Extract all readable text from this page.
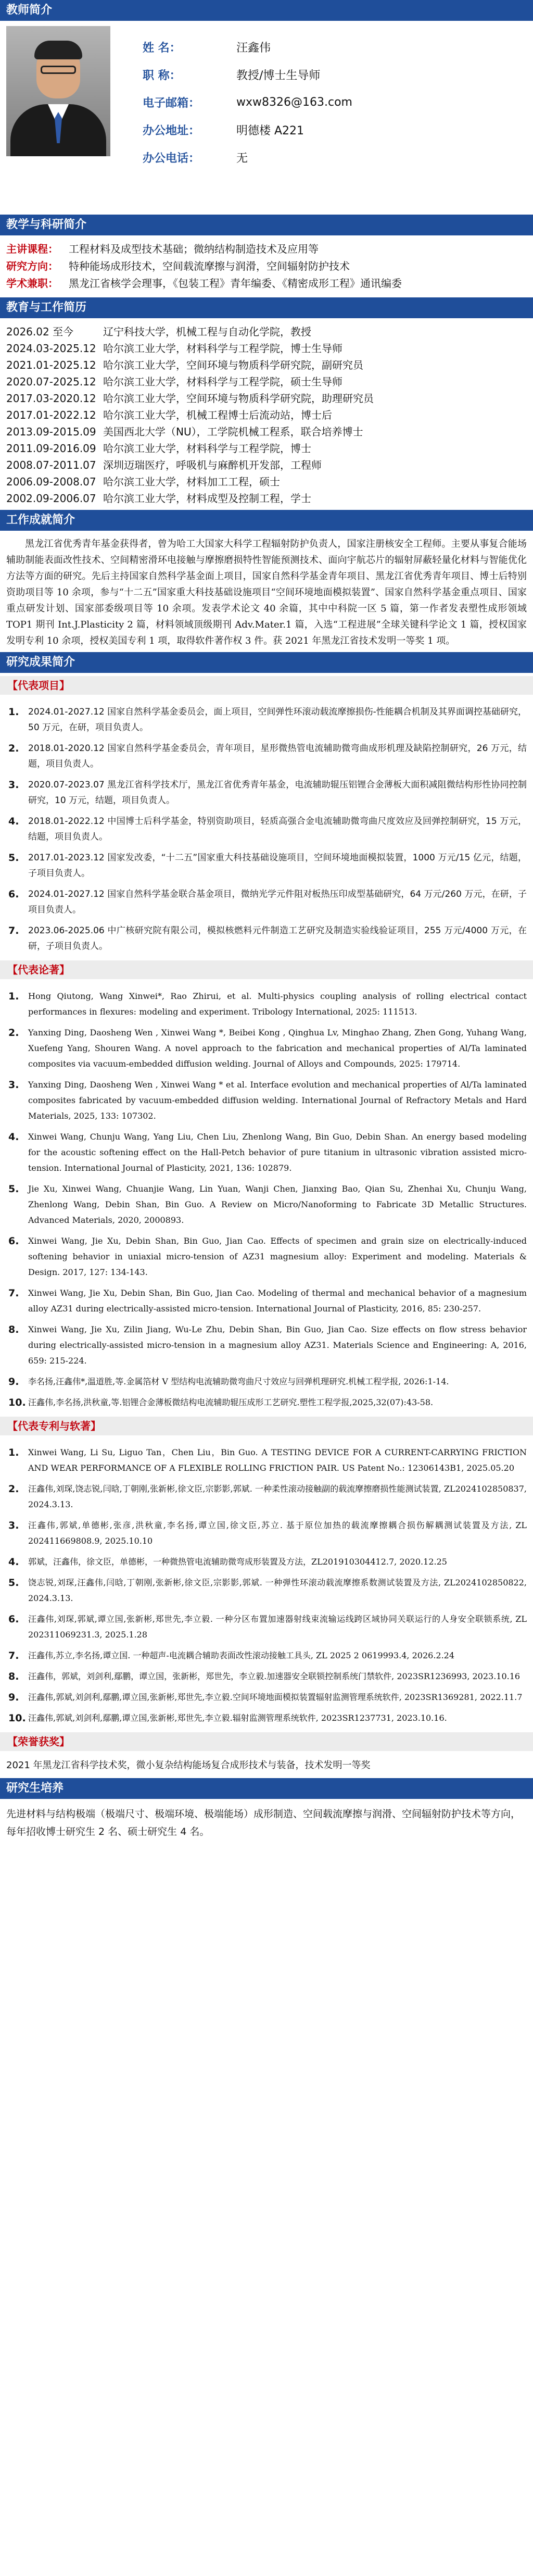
教师简介
姓 名：	汪鑫伟
职 称：	教授/博士生导师
电子邮箱：	wxw8326@163.com
办公地址：	明德楼 A221
办公电话：	无
教学与科研简介
主讲课程：	工程材料及成型技术基础；微纳结构制造技术及应用等
研究方向：	特种能场成形技术，空间载流摩擦与润滑，空间辐射防护技术
学术兼职：	黑龙江省核学会理事，《包装工程》青年编委、《精密成形工程》通讯编委
教育与工作简历
2026.02 至今	辽宁科技大学，机械工程与自动化学院，教授
2024.03-2025.12 哈尔滨工业大学，材料科学与工程学院，博士生导师
2021.01-2025.12 哈尔滨工业大学，空间环境与物质科学研究院，副研究员
2020.07-2025.12 哈尔滨工业大学，材料科学与工程学院，硕士生导师
2017.03-2020.12 哈尔滨工业大学，空间环境与物质科学研究院，助理研究员
2017.01-2022.12 哈尔滨工业大学，机械工程博士后流动站，博士后
2013.09-2015.09 美国西北大学（NU），工学院机械工程系，联合培养博士
2011.09-2016.09 哈尔滨工业大学，材料科学与工程学院，博士
2008.07-2011.07 深圳迈瑞医疗，呼吸机与麻醉机开发部，工程师
2006.09-2008.07 哈尔滨工业大学，材料加工工程，硕士
2002.09-2006.07 哈尔滨工业大学，材料成型及控制工程，学士
工作成就简介

黑龙江省优秀青年基金获得者，曾为哈工大国家大科学工程辐射防护负责人，国家注册核安全工程师。主要从事复合能场辅助制能表面改性技术、空间精密滑环电接触与摩擦磨损特性智能预测技术、面向宇航芯片的辐射屏蔽轻量化材料与智能优化方法等方面的研究。先后主持国家自然科学基金面上项目，国家自然科学基金青年项目、黑龙江省优秀青年项目、博士后特别资助项目等 10 余项，参与“十二五”国家重大科技基础设施项目“空间环境地面模拟装置”、国家自然科学基金重点项目、国家重点研发计划、国家部委级项目等 10 余项。发表学术论文 40 余篇，其中中科院一区 5 篇，第一作者发表塑性成形领域 TOP1 期刊 Int.J.Plasticity 2 篇，材料领域顶级期刊 Adv.Mater.1 篇，入选“工程进展”全球关键科学论文 1 篇，授权国家发明专利 10 余项，授权美国专利 1 项，取得软件著作权 3 件。获 2021 年黑龙江省技术发明一等奖 1 项。

研究成果简介
【代表项目】
1.	2024.01-2027.12 国家自然科学基金委员会，面上项目，空间弹性环滚动载流摩擦损伤-性能耦合机制及其界面调控基础研究，50 万元，在研，项目负责人。
2.	2018.01-2020.12 国家自然科学基金委员会，青年项目，星形微热管电流辅助微弯曲成形机理及缺陷控制研究，26 万元，结题，项目负责人。
3.	2020.07-2023.07 黑龙江省科学技术厅，黑龙江省优秀青年基金，电流辅助辊压铝锂合金薄板大面积减阻微结构形性协同控制研究，10 万元，结题，项目负责人。
4.	2018.01-2022.12 中国博士后科学基金，特别资助项目，轻质高强合金电流辅助微弯曲尺度效应及回弹控制研究，15 万元，结题，项目负责人。
5.	2017.01-2023.12 国家发改委，“十二五”国家重大科技基础设施项目，空间环境地面模拟装置，1000 万元/15 亿元，结题，子项目负责人。
6.	2024.01-2027.12 国家自然科学基金联合基金项目，微纳光学元件阻对板热压印成型基础研究，64 万元/260 万元，在研，子项目负责人。
7.	2023.06-2025.06 中广核研究院有限公司，模拟核燃料元件制造工艺研究及制造实验线验证项目，255 万元/4000 万元，在研，子项目负责人。
【代表论著】
1.	Hong Qiutong, Wang Xinwei*, Rao Zhirui, et al. Multi-physics coupling analysis of rolling electrical contact performances in flexures: modeling and experiment. Tribology International, 2025: 111513.
2.	Yanxing Ding, Daosheng Wen , Xinwei Wang *, Beibei Kong , Qinghua Lv, Minghao Zhang, Zhen Gong, Yuhang Wang, Xuefeng Yang, Shouren Wang. A novel approach to the fabrication and mechanical properties of Al/Ta laminated composites via vacuum-embedded diffusion welding. Journal of Alloys and Compounds, 2025: 179714.
3.	Yanxing Ding, Daosheng Wen , Xinwei Wang * et al. Interface evolution and mechanical properties of Al/Ta laminated composites fabricated by vacuum-embedded diffusion welding. International Journal of Refractory Metals and Hard Materials, 2025, 133: 107302.
4.	Xinwei Wang, Chunju Wang, Yang Liu, Chen Liu, Zhenlong Wang, Bin Guo, Debin Shan. An energy based modeling for the acoustic softening effect on the Hall-Petch behavior of pure titanium in ultrasonic vibration assisted micro-tension. International Journal of Plasticity, 2021, 136: 102879.
5.	Jie Xu, Xinwei Wang, Chuanjie Wang, Lin Yuan, Wanji Chen, Jianxing Bao, Qian Su, Zhenhai Xu, Chunju Wang, Zhenlong Wang, Debin Shan, Bin Guo. A Review on Micro/Nanoforming to Fabricate 3D Metallic Structures. Advanced Materials, 2020, 2000893.
6.	Xinwei Wang, Jie Xu, Debin Shan, Bin Guo, Jian Cao. Effects of specimen and grain size on electrically-induced softening behavior in uniaxial micro-tension of AZ31 magnesium alloy: Experiment and modeling. Materials & Design. 2017, 127: 134-143.
7.	Xinwei Wang, Jie Xu, Debin Shan, Bin Guo, Jian Cao. Modeling of thermal and mechanical behavior of a magnesium alloy AZ31 during electrically-assisted micro-tension. International Journal of Plasticity, 2016, 85: 230-257.
8.	Xinwei Wang, Jie Xu, Zilin Jiang, Wu-Le Zhu, Debin Shan, Bin Guo, Jian Cao. Size effects on flow stress behavior during electrically-assisted micro-tension in a magnesium alloy AZ31. Materials Science and Engineering: A, 2016, 659: 215-224.
9.	李名扬,汪鑫伟*,温道胜,等.金属箔材 V 型结构电流辅助微弯曲尺寸效应与回弹机理研究.机械工程学报, 2026:1-14.
10. 汪鑫伟,李名扬,洪秋童,等.铝锂合金薄板微结构电流辅助辊压成形工艺研究.塑性工程学报,2025,32(07):43-58.
【代表专利与软著】
1.	Xinwei Wang, Li Su, Liguo Tan，Chen Liu，Bin Guo. A TESTING DEVICE FOR A CURRENT-CARRYING FRICTION AND WEAR PERFORMANCE OF A FLEXIBLE ROLLING FRICTION PAIR. US Patent No.: 12306143B1, 2025.05.20
2.	汪鑫伟,刘琛,饶志锐,闫晗,丁朝刚,张新彬,徐文臣,宗影影,郭斌. 一种柔性滚动接触副的载流摩擦磨损性能测试装置, ZL202410285083​7, 2024.3.13.
3.	汪鑫伟,郭斌,单德彬,张彦,洪秋童,李名扬,谭立国,徐文臣,苏立. 基于原位加热的载流摩擦耦合损伤解耦测试装置及方法, ZL 202411669808.9, 2025.10.10
4.	郭斌，汪鑫伟，徐文臣，单德彬，一种微热管电流辅助微弯成形装置及方法，ZL201910304412.7, 2020.12.25
5.	饶志锐,刘琛,汪鑫伟,闫晗,丁朝刚,张新彬,徐文臣,宗影影,郭斌. 一种弹性环滚动载流摩擦系数测试装置及方法, ZL202410285082​2, 2024.3.13.
6.	汪鑫伟,刘琛,郭斌,谭立国,张新彬,郑世先,李立毅. 一种分区布置加速器射线束流输运线跨区域协同关联运行的人身安全联锁系统, ZL 202311069231.3, 2025.1.28
7.	汪鑫伟,苏立,李名扬,谭立国. 一种超声-电流耦合辅助表面改性滚动接触工具头, ZL 2025 2 0619993.4, 2026.2.24
8.	汪鑫伟，郭斌，刘剑利,鄢鹏，谭立国，张新彬，郑世先，李立毅.加速器安全联锁控制系统门禁软件, 2023SR1236993, 2023.10.16
9.	汪鑫伟,郭斌,刘剑利,鄢鹏,谭立国,张新彬,郑世先,李立毅.空间环境地面模拟装置辐射监测管理系统软件, 2023SR1369281, 2022.11.7
10. 汪鑫伟,郭斌,刘剑利,鄢鹏,谭立国,张新彬,郑世先,李立毅.辐射监测管理系统软件, 2023SR1237731, 2023.10.16.
【荣誉获奖】

2021 年黑龙江省科学技术奖，微小复杂结构能场复合成形技术与装备，技术发明一等奖

研究生培养

先进材料与结构极端（极端尺寸、极端环境、极端能场）成形制造、空间载流摩擦与润滑、空间辐射防护技术等方向，每年招收博士研究生 2 名、硕士研究生 4 名。
